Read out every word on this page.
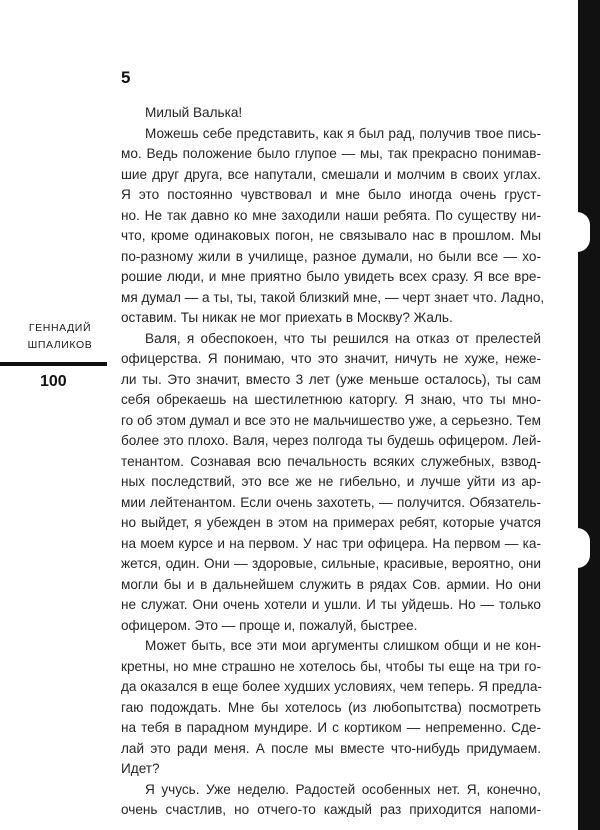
5
ГЕННАДИЙ
ШПАЛИКОВ
100
Милый Валька!
Можешь себе представить, как я был рад, получив твое пись-
мо. Ведь положение было глупое — мы, так прекрасно понимав-
шие друг друга, все напутали, смешали и молчим в своих углах.
Я это постоянно чувствовал и мне было иногда очень груст-
но. Не так давно ко мне заходили наши ребята. По существу ни-
что, кроме одинаковых погон, не связывало нас в прошлом. Мы
по-разному жили в училище, разное думали, но были все — хо-
рошие люди, и мне приятно было увидеть всех сразу. Я все вре-
мя думал — а ты, ты, такой близкий мне, — черт знает что. Ладно,
оставим. Ты никак не мог приехать в Москву? Жаль.
Валя, я обеспокоен, что ты решился на отказ от прелестей
офицерства. Я понимаю, что это значит, ничуть не хуже, нежe-
ли ты. Это значит, вместо 3 лет (уже меньше осталось), ты сам
себя обрекаешь на шестилетнюю каторгу. Я знаю, что ты мно-
го об этом думал и все это не мальчишество уже, а серьезно. Тем
более это плохо. Валя, через полгода ты будешь офицером. Лей-
тенантом. Сознавая всю печальность всяких служебных, взвод-
ных последствий, это все же не гибельно, и лучше уйти из ар-
мии лейтенантом. Если очень захотеть, — получится. Обязатель-
но выйдет, я убежден в этом на примерах ребят, которые учатся
на моем курсе и на первом. У нас три офицера. На первом — ка-
жется, один. Они — здоровые, сильные, красивые, вероятно, они
могли бы и в дальнейшем служить в рядах Сов. армии. Но они
не служат. Они очень хотели и ушли. И ты уйдешь. Но — только
офицером. Это — проще и, пожалуй, быстрее.
Может быть, все эти мои аргументы слишком общи и не кон-
кретны, но мне страшно не хотелось бы, чтобы ты еще на три го-
да оказался в еще более худших условиях, чем теперь. Я предла-
гаю подождать. Мне бы хотелось (из любопытства) посмотреть
на тебя в парадном мундире. И с кортиком — непременно. Сде-
лай это ради меня. А после мы вместе что-нибудь придумаем.
Идет?
Я учусь. Уже неделю. Радостей особенных нет. Я, конечно,
очень счастлив, но отчего-то каждый раз приходится напоми-
